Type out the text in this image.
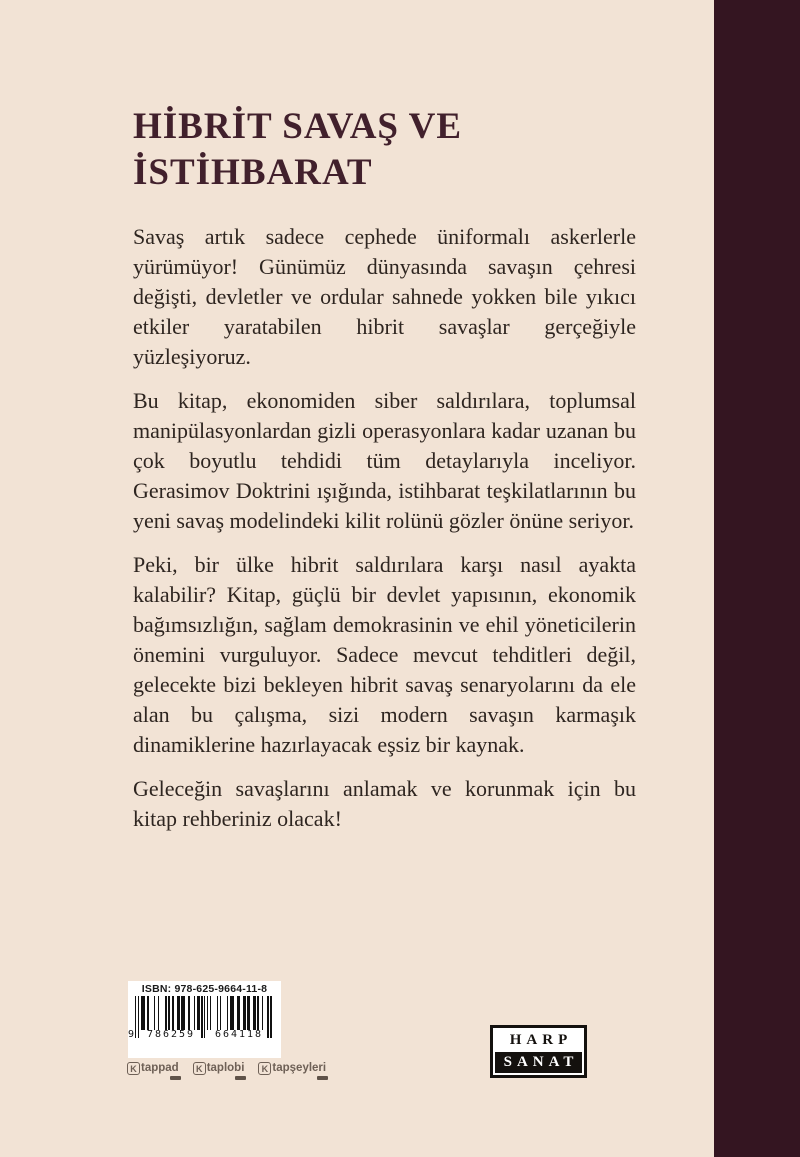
HİBRİT SAVAŞ VE
İSTİHBARAT

Savaş artık sadece cephede üniformalı askerlerle yürümüyor! Günümüz dünyasında savaşın çehresi değişti, devletler ve ordular sahnede yokken bile yıkıcı etkiler yaratabilen hibrit savaşlar gerçeğiyle yüzleşiyoruz.

Bu kitap, ekonomiden siber saldırılara, toplumsal manipülasyonlardan gizli operasyonlara kadar uzanan bu çok boyutlu tehdidi tüm detaylarıyla inceliyor. Gerasimov Doktrini ışığında, istihbarat teşkilatlarının bu yeni savaş modelindeki kilit rolünü gözler önüne seriyor.

Peki, bir ülke hibrit saldırılara karşı nasıl ayakta kalabilir? Kitap, güçlü bir devlet yapısının, ekonomik bağımsızlığın, sağlam demokrasinin ve ehil yöneticilerin önemini vurguluyor. Sadece mevcut tehditleri değil, gelecekte bizi bekleyen hibrit savaş senaryolarını da ele alan bu çalışma, sizi modern savaşın karmaşık dinamiklerine hazırlayacak eşsiz bir kaynak.

Geleceğin savaşlarını anlamak ve korunmak için bu kitap rehberiniz olacak!

ISBN: 978-625-9664-11-8
9	786259	664118
K tappad	K taplobi	K tapşeyleri
HARP
SANAT
